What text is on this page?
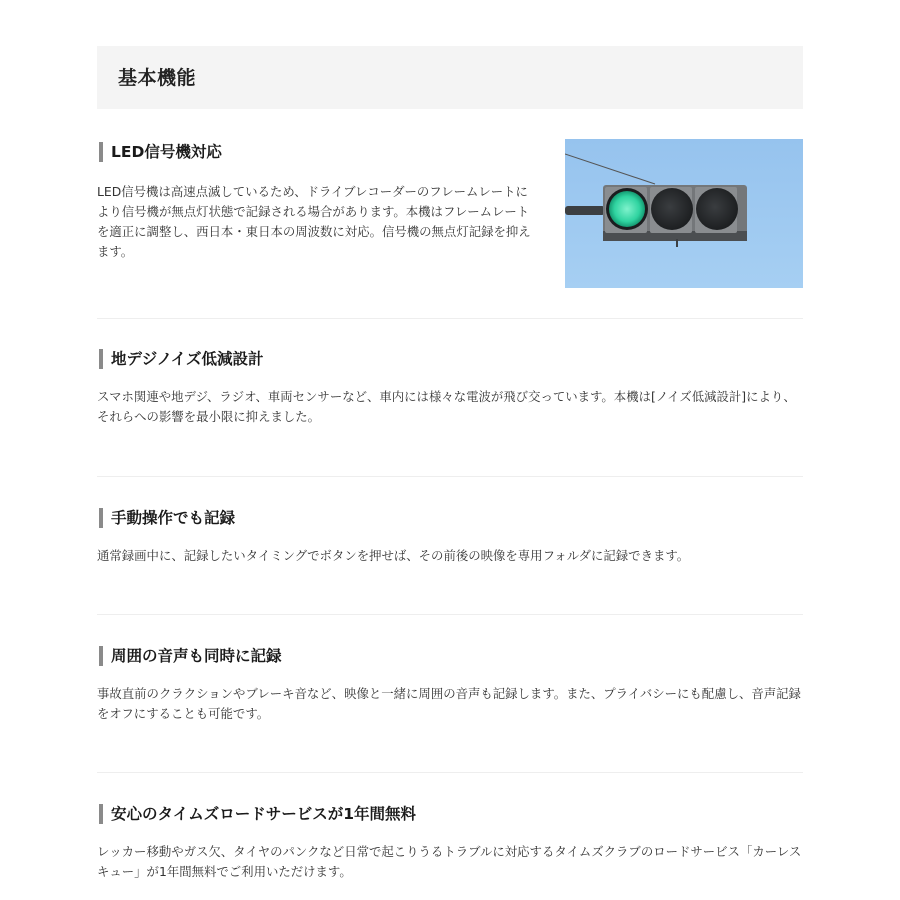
基本機能
LED信号機対応

LED信号機は高速点滅しているため、ドライブレコーダーのフレームレートにより信号機が無点灯状態で記録される場合があります。本機はフレームレートを適正に調整し、西日本・東日本の周波数に対応。信号機の無点灯記録を抑えます。

地デジノイズ低減設計

スマホ関連や地デジ、ラジオ、車両センサーなど、車内には様々な電波が飛び交っています。本機は[ノイズ低減設計]により、それらへの影響を最小限に抑えました。

手動操作でも記録

通常録画中に、記録したいタイミングでボタンを押せば、その前後の映像を専用フォルダに記録できます。

周囲の音声も同時に記録

事故直前のクラクションやブレーキ音など、映像と一緒に周囲の音声も記録します。また、プライバシーにも配慮し、音声記録をオフにすることも可能です。

安心のタイムズロードサービスが1年間無料

レッカー移動やガス欠、タイヤのパンクなど日常で起こりうるトラブルに対応するタイムズクラブのロードサービス「カーレスキュー」が1年間無料でご利用いただけます。
